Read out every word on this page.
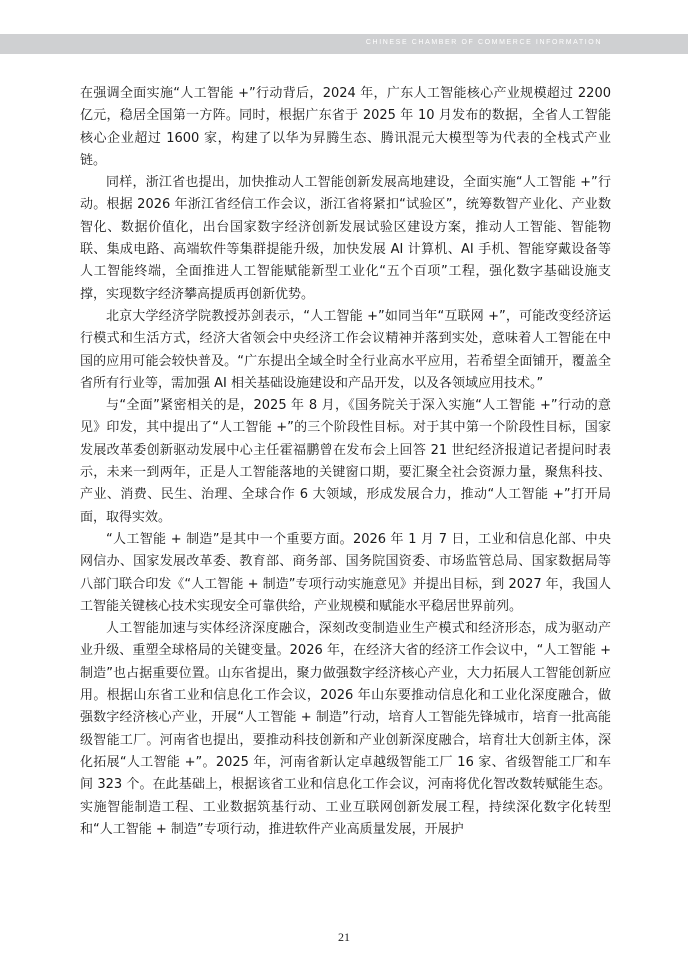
CHINESE CHAMBER OF COMMERCE INFORMATION

在强调全面实施“人工智能 +”行动背后，2024 年，广东人工智能核心产业规模超过 2200 亿元，稳居全国第一方阵。同时，根据广东省于 2025 年 10 月发布的数据，全省人工智能核心企业超过 1600 家，构建了以华为昇腾生态、腾讯混元大模型等为代表的全栈式产业链。

同样，浙江省也提出，加快推动人工智能创新发展高地建设，全面实施“人工智能 +”行动。根据 2026 年浙江省经信工作会议，浙江省将紧扣“试验区”，统筹数智产业化、产业数智化、数据价值化，出台国家数字经济创新发展试验区建设方案，推动人工智能、智能物联、集成电路、高端软件等集群提能升级，加快发展 AI 计算机、AI 手机、智能穿戴设备等人工智能终端，全面推进人工智能赋能新型工业化“五个百项”工程，强化数字基础设施支撑，实现数字经济攀高提质再创新优势。

北京大学经济学院教授苏剑表示，“人工智能 +”如同当年“互联网 +”，可能改变经济运行模式和生活方式，经济大省领会中央经济工作会议精神并落到实处，意味着人工智能在中国的应用可能会较快普及。“广东提出全域全时全行业高水平应用，若希望全面铺开，覆盖全省所有行业等，需加强 AI 相关基础设施建设和产品开发，以及各领域应用技术。”

与“全面”紧密相关的是，2025 年 8 月，《国务院关于深入实施“人工智能 +”行动的意见》印发，其中提出了“人工智能 +”的三个阶段性目标。对于其中第一个阶段性目标，国家发展改革委创新驱动发展中心主任霍福鹏曾在发布会上回答 21 世纪经济报道记者提问时表示，未来一到两年，正是人工智能落地的关键窗口期，要汇聚全社会资源力量，聚焦科技、产业、消费、民生、治理、全球合作 6 大领域，形成发展合力，推动“人工智能 +”打开局面，取得实效。

“人工智能 + 制造”是其中一个重要方面。2026 年 1 月 7 日，工业和信息化部、中央网信办、国家发展改革委、教育部、商务部、国务院国资委、市场监管总局、国家数据局等八部门联合印发《“人工智能 + 制造”专项行动实施意见》并提出目标，到 2027 年，我国人工智能关键核心技术实现安全可靠供给，产业规模和赋能水平稳居世界前列。

人工智能加速与实体经济深度融合，深刻改变制造业生产模式和经济形态，成为驱动产业升级、重塑全球格局的关键变量。2026 年，在经济大省的经济工作会议中，“人工智能 + 制造”也占据重要位置。山东省提出，聚力做强数字经济核心产业，大力拓展人工智能创新应用。根据山东省工业和信息化工作会议，2026 年山东要推动信息化和工业化深度融合，做强数字经济核心产业，开展“人工智能 + 制造”行动，培育人工智能先锋城市，培育一批高能级智能工厂。河南省也提出，要推动科技创新和产业创新深度融合，培育壮大创新主体，深化拓展“人工智能 +”。2025 年，河南省新认定卓越级智能工厂 16 家、省级智能工厂和车间 323 个。在此基础上，根据该省工业和信息化工作会议，河南将优化智改数转赋能生态。实施智能制造工程、工业数据筑基行动、工业互联网创新发展工程，持续深化数字化转型和“人工智能 + 制造”专项行动，推进软件产业高质量发展，开展护

21
